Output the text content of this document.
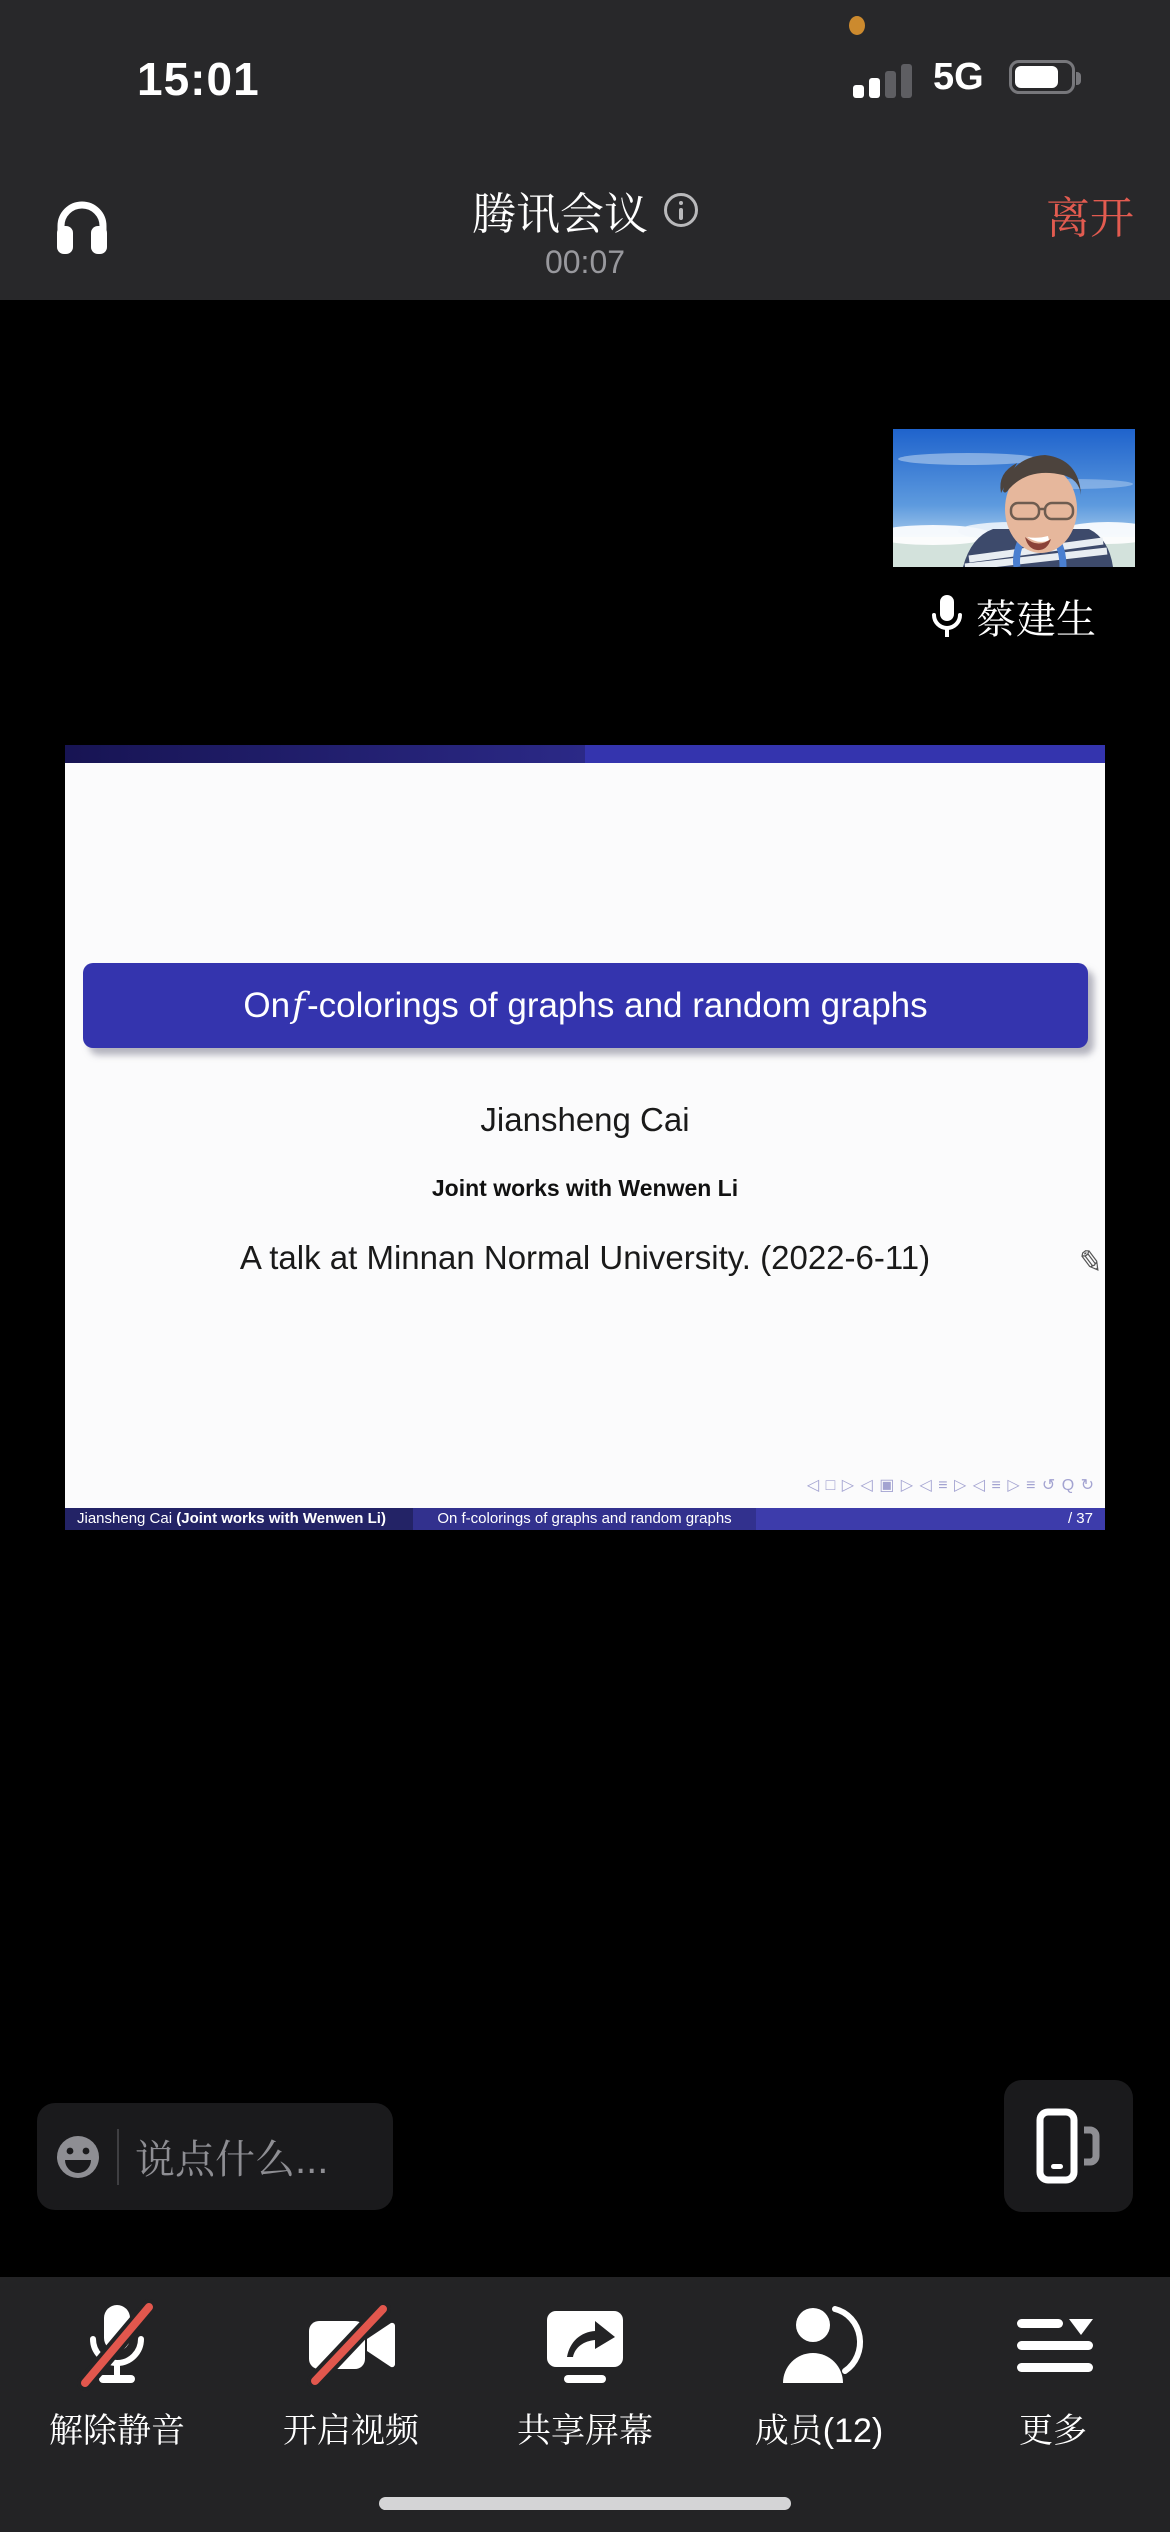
15:01	5G
腾讯会议
00:07
离开
蔡建生
On f -colorings of graphs and random graphs
Jiansheng Cai
Joint works with Wenwen Li
A talk at Minnan Normal University. (2022-6-11)	✎
◁ □ ▷ ◁ ▣ ▷ ◁ ≡ ▷ ◁ ≡ ▷ ≡ ↺ Q ↻
Jiansheng Cai (Joint works with Wenwen Li)	On f-colorings of graphs and random graphs	/ 37
说点什么...
解除静音	开启视频	共享屏幕	成员(12)	更多
